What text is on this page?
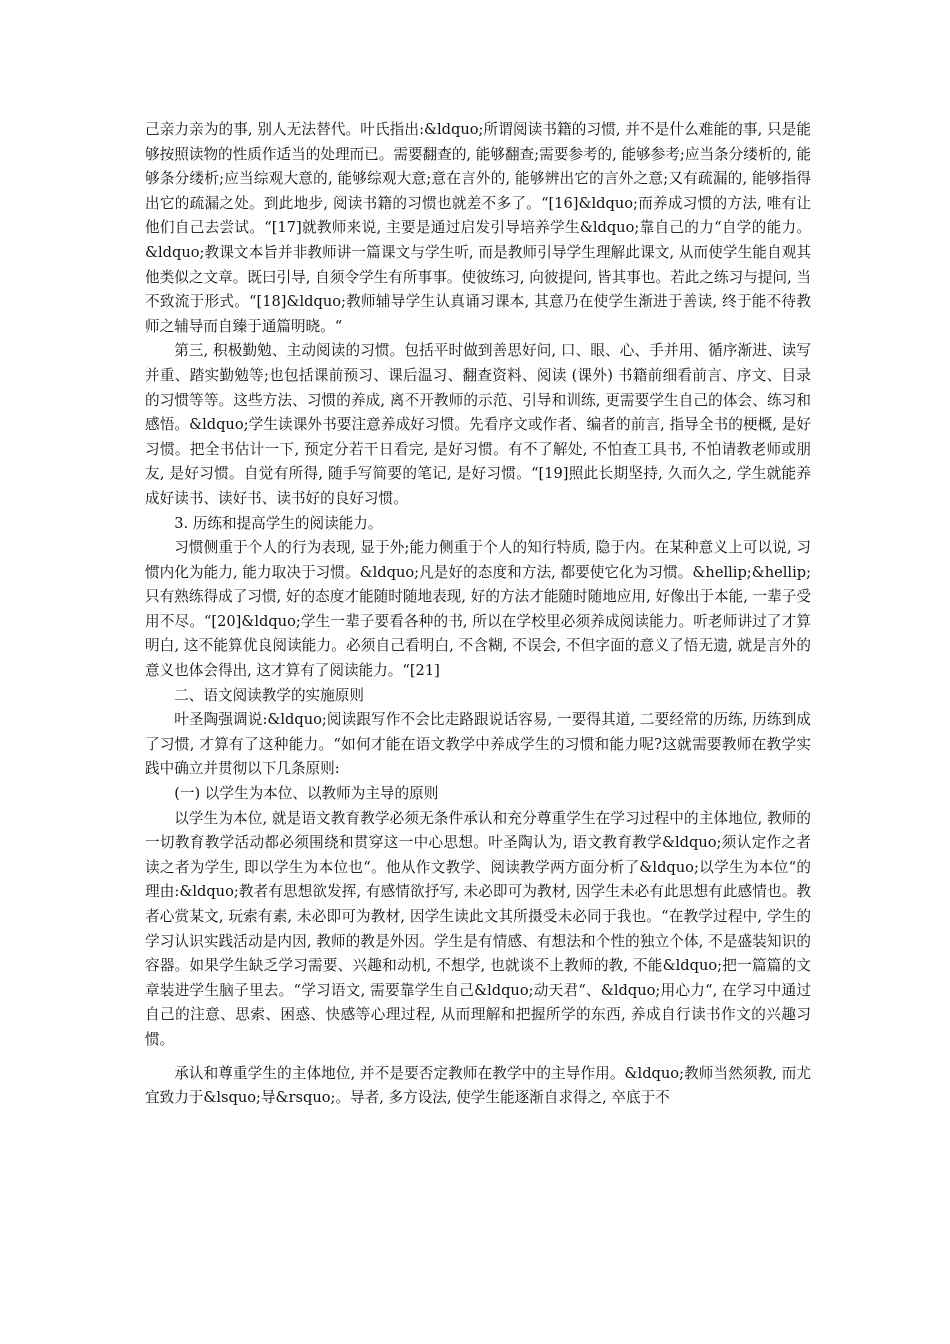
己亲力亲为的事, 别人无法替代。叶氏指出:&ldquo;所谓阅读书籍的习惯, 并不是什么难能的事, 只是能够按照读物的性质作适当的处理而已。需要翻查的, 能够翻查;需要参考的, 能够参考;应当条分缕析的, 能够条分缕析;应当综观大意的, 能够综观大意;意在言外的, 能够辨出它的言外之意;又有疏漏的, 能够指得出它的疏漏之处。到此地步, 阅读书籍的习惯也就差不多了。“[16]&ldquo;而养成习惯的方法, 唯有让他们自己去尝试。“[17]就教师来说, 主要是通过启发引导培养学生&ldquo;靠自己的力“自学的能力。&ldquo;教课文本旨并非教师讲一篇课文与学生听, 而是教师引导学生理解此课文, 从而使学生能自观其他类似之文章。既曰引导, 自须令学生有所事事。使彼练习, 向彼提问, 皆其事也。若此之练习与提问, 当不致流于形式。“[18]&ldquo;教师辅导学生认真诵习课本, 其意乃在使学生渐进于善读, 终于能不待教师之辅导而自臻于通篇明晓。“

第三, 积极勤勉、主动阅读的习惯。包括平时做到善思好问, 口、眼、心、手并用、循序渐进、读写并重、踏实勤勉等;也包括课前预习、课后温习、翻查资料、阅读 (课外) 书籍前细看前言、序文、目录的习惯等等。这些方法、习惯的养成, 离不开教师的示范、引导和训练, 更需要学生自己的体会、练习和感悟。&ldquo;学生读课外书要注意养成好习惯。先看序文或作者、编者的前言, 指导全书的梗概, 是好习惯。把全书估计一下, 预定分若干日看完, 是好习惯。有不了解处, 不怕查工具书, 不怕请教老师或朋友, 是好习惯。自觉有所得, 随手写简要的笔记, 是好习惯。“[19]照此长期坚持, 久而久之, 学生就能养成好读书、读好书、读书好的良好习惯。

3. 历练和提高学生的阅读能力。

习惯侧重于个人的行为表现, 显于外;能力侧重于个人的知行特质, 隐于内。在某种意义上可以说, 习惯内化为能力, 能力取决于习惯。&ldquo;凡是好的态度和方法, 都要使它化为习惯。&hellip;&hellip;只有熟练得成了习惯, 好的态度才能随时随地表现, 好的方法才能随时随地应用, 好像出于本能, 一辈子受用不尽。“[20]&ldquo;学生一辈子要看各种的书, 所以在学校里必须养成阅读能力。听老师讲过了才算明白, 这不能算优良阅读能力。必须自己看明白, 不含糊, 不误会, 不但字面的意义了悟无遗, 就是言外的意义也体会得出, 这才算有了阅读能力。“[21]

二、语文阅读教学的实施原则

叶圣陶强调说:&ldquo;阅读跟写作不会比走路跟说话容易, 一要得其道, 二要经常的历练, 历练到成了习惯, 才算有了这种能力。“如何才能在语文教学中养成学生的习惯和能力呢?这就需要教师在教学实践中确立并贯彻以下几条原则:

(一) 以学生为本位、以教师为主导的原则

以学生为本位, 就是语文教育教学必须无条件承认和充分尊重学生在学习过程中的主体地位, 教师的一切教育教学活动都必须围绕和贯穿这一中心思想。叶圣陶认为, 语文教育教学&ldquo;须认定作之者读之者为学生, 即以学生为本位也“。他从作文教学、阅读教学两方面分析了&ldquo;以学生为本位“的理由:&ldquo;教者有思想欲发挥, 有感情欲抒写, 未必即可为教材, 因学生未必有此思想有此感情也。教者心赏某文, 玩索有素, 未必即可为教材, 因学生读此文其所摄受未必同于我也。“在教学过程中, 学生的学习认识实践活动是内因, 教师的教是外因。学生是有情感、有想法和个性的独立个体, 不是盛装知识的容器。如果学生缺乏学习需要、兴趣和动机, 不想学, 也就谈不上教师的教, 不能&ldquo;把一篇篇的文章装进学生脑子里去。“学习语文, 需要靠学生自己&ldquo;动天君“、&ldquo;用心力“, 在学习中通过自己的注意、思索、困惑、快感等心理过程, 从而理解和把握所学的东西, 养成自行读书作文的兴趣习惯。

承认和尊重学生的主体地位, 并不是要否定教师在教学中的主导作用。&ldquo;教师当然须教, 而尤宜致力于&lsquo;导&rsquo;。导者, 多方设法, 使学生能逐渐自求得之, 卒底于不
